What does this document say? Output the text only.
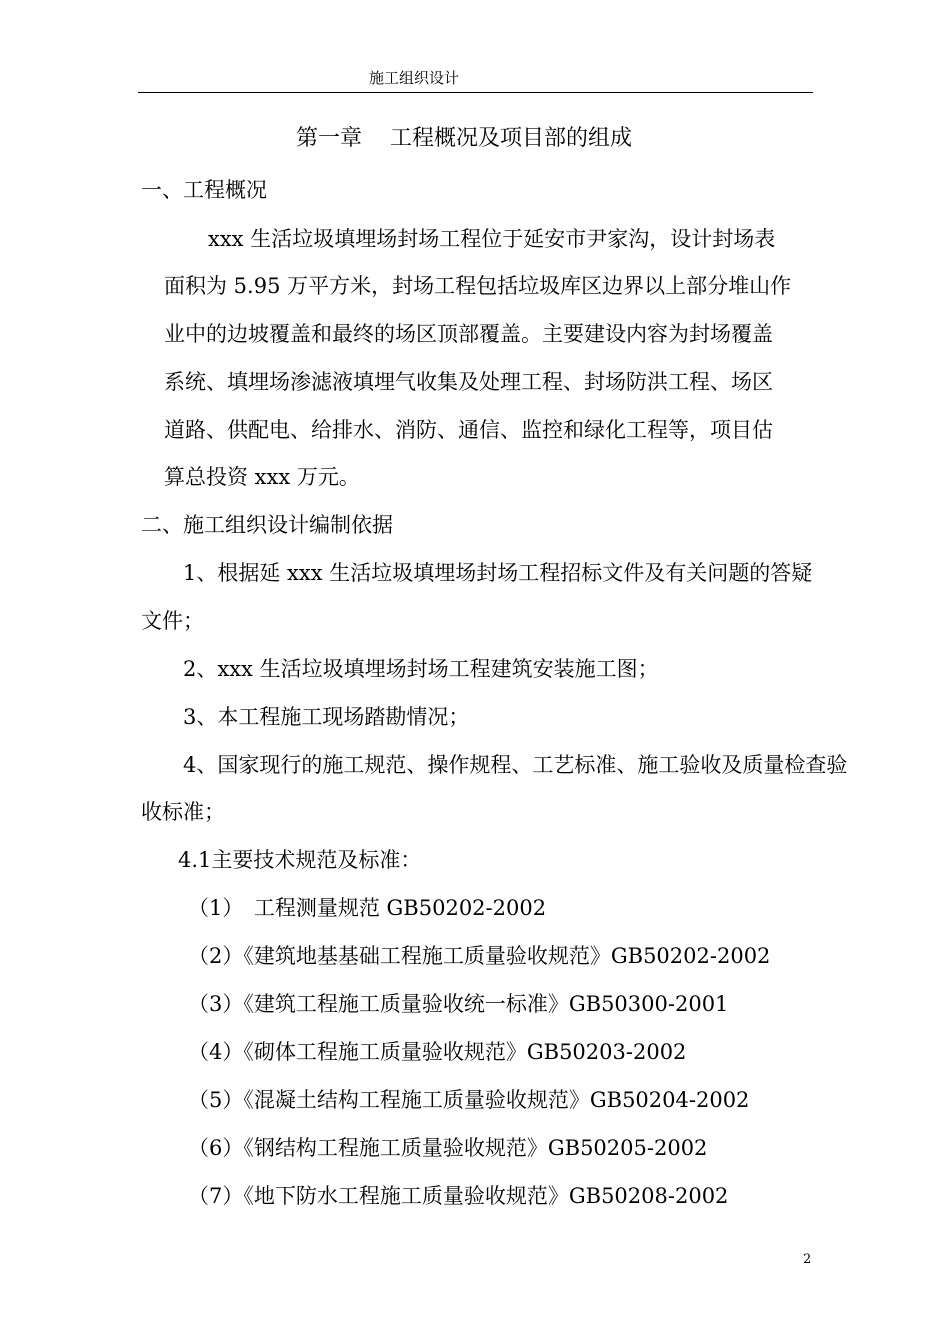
施工组织设计
第一章 工程概况及项目部的组成
一、工程概况
xxx 生活垃圾填埋场封场工程位于延安市尹家沟，设计封场表
面积为 5.95 万平方米，封场工程包括垃圾库区边界以上部分堆山作
业中的边坡覆盖和最终的场区顶部覆盖。主要建设内容为封场覆盖
系统、填埋场渗滤液填埋气收集及处理工程、封场防洪工程、场区
道路、供配电、给排水、消防、通信、监控和绿化工程等，项目估
算总投资 xxx 万元。
二、施工组织设计编制依据
1、根据延 xxx 生活垃圾填埋场封场工程招标文件及有关问题的答疑
文件；
2、xxx 生活垃圾填埋场封场工程建筑安装施工图；
3、本工程施工现场踏勘情况；
4、国家现行的施工规范、操作规程、工艺标准、施工验收及质量检查验
收标准；
4.1主要技术规范及标准：
（1）　工程测量规范 GB50202-2002
（2）《建筑地基基础工程施工质量验收规范》GB50202-2002
（3）《建筑工程施工质量验收统一标准》GB50300-2001
（4）《砌体工程施工质量验收规范》GB50203-2002
（5）《混凝土结构工程施工质量验收规范》GB50204-2002
（6）《钢结构工程施工质量验收规范》GB50205-2002
（7）《地下防水工程施工质量验收规范》GB50208-2002
2
